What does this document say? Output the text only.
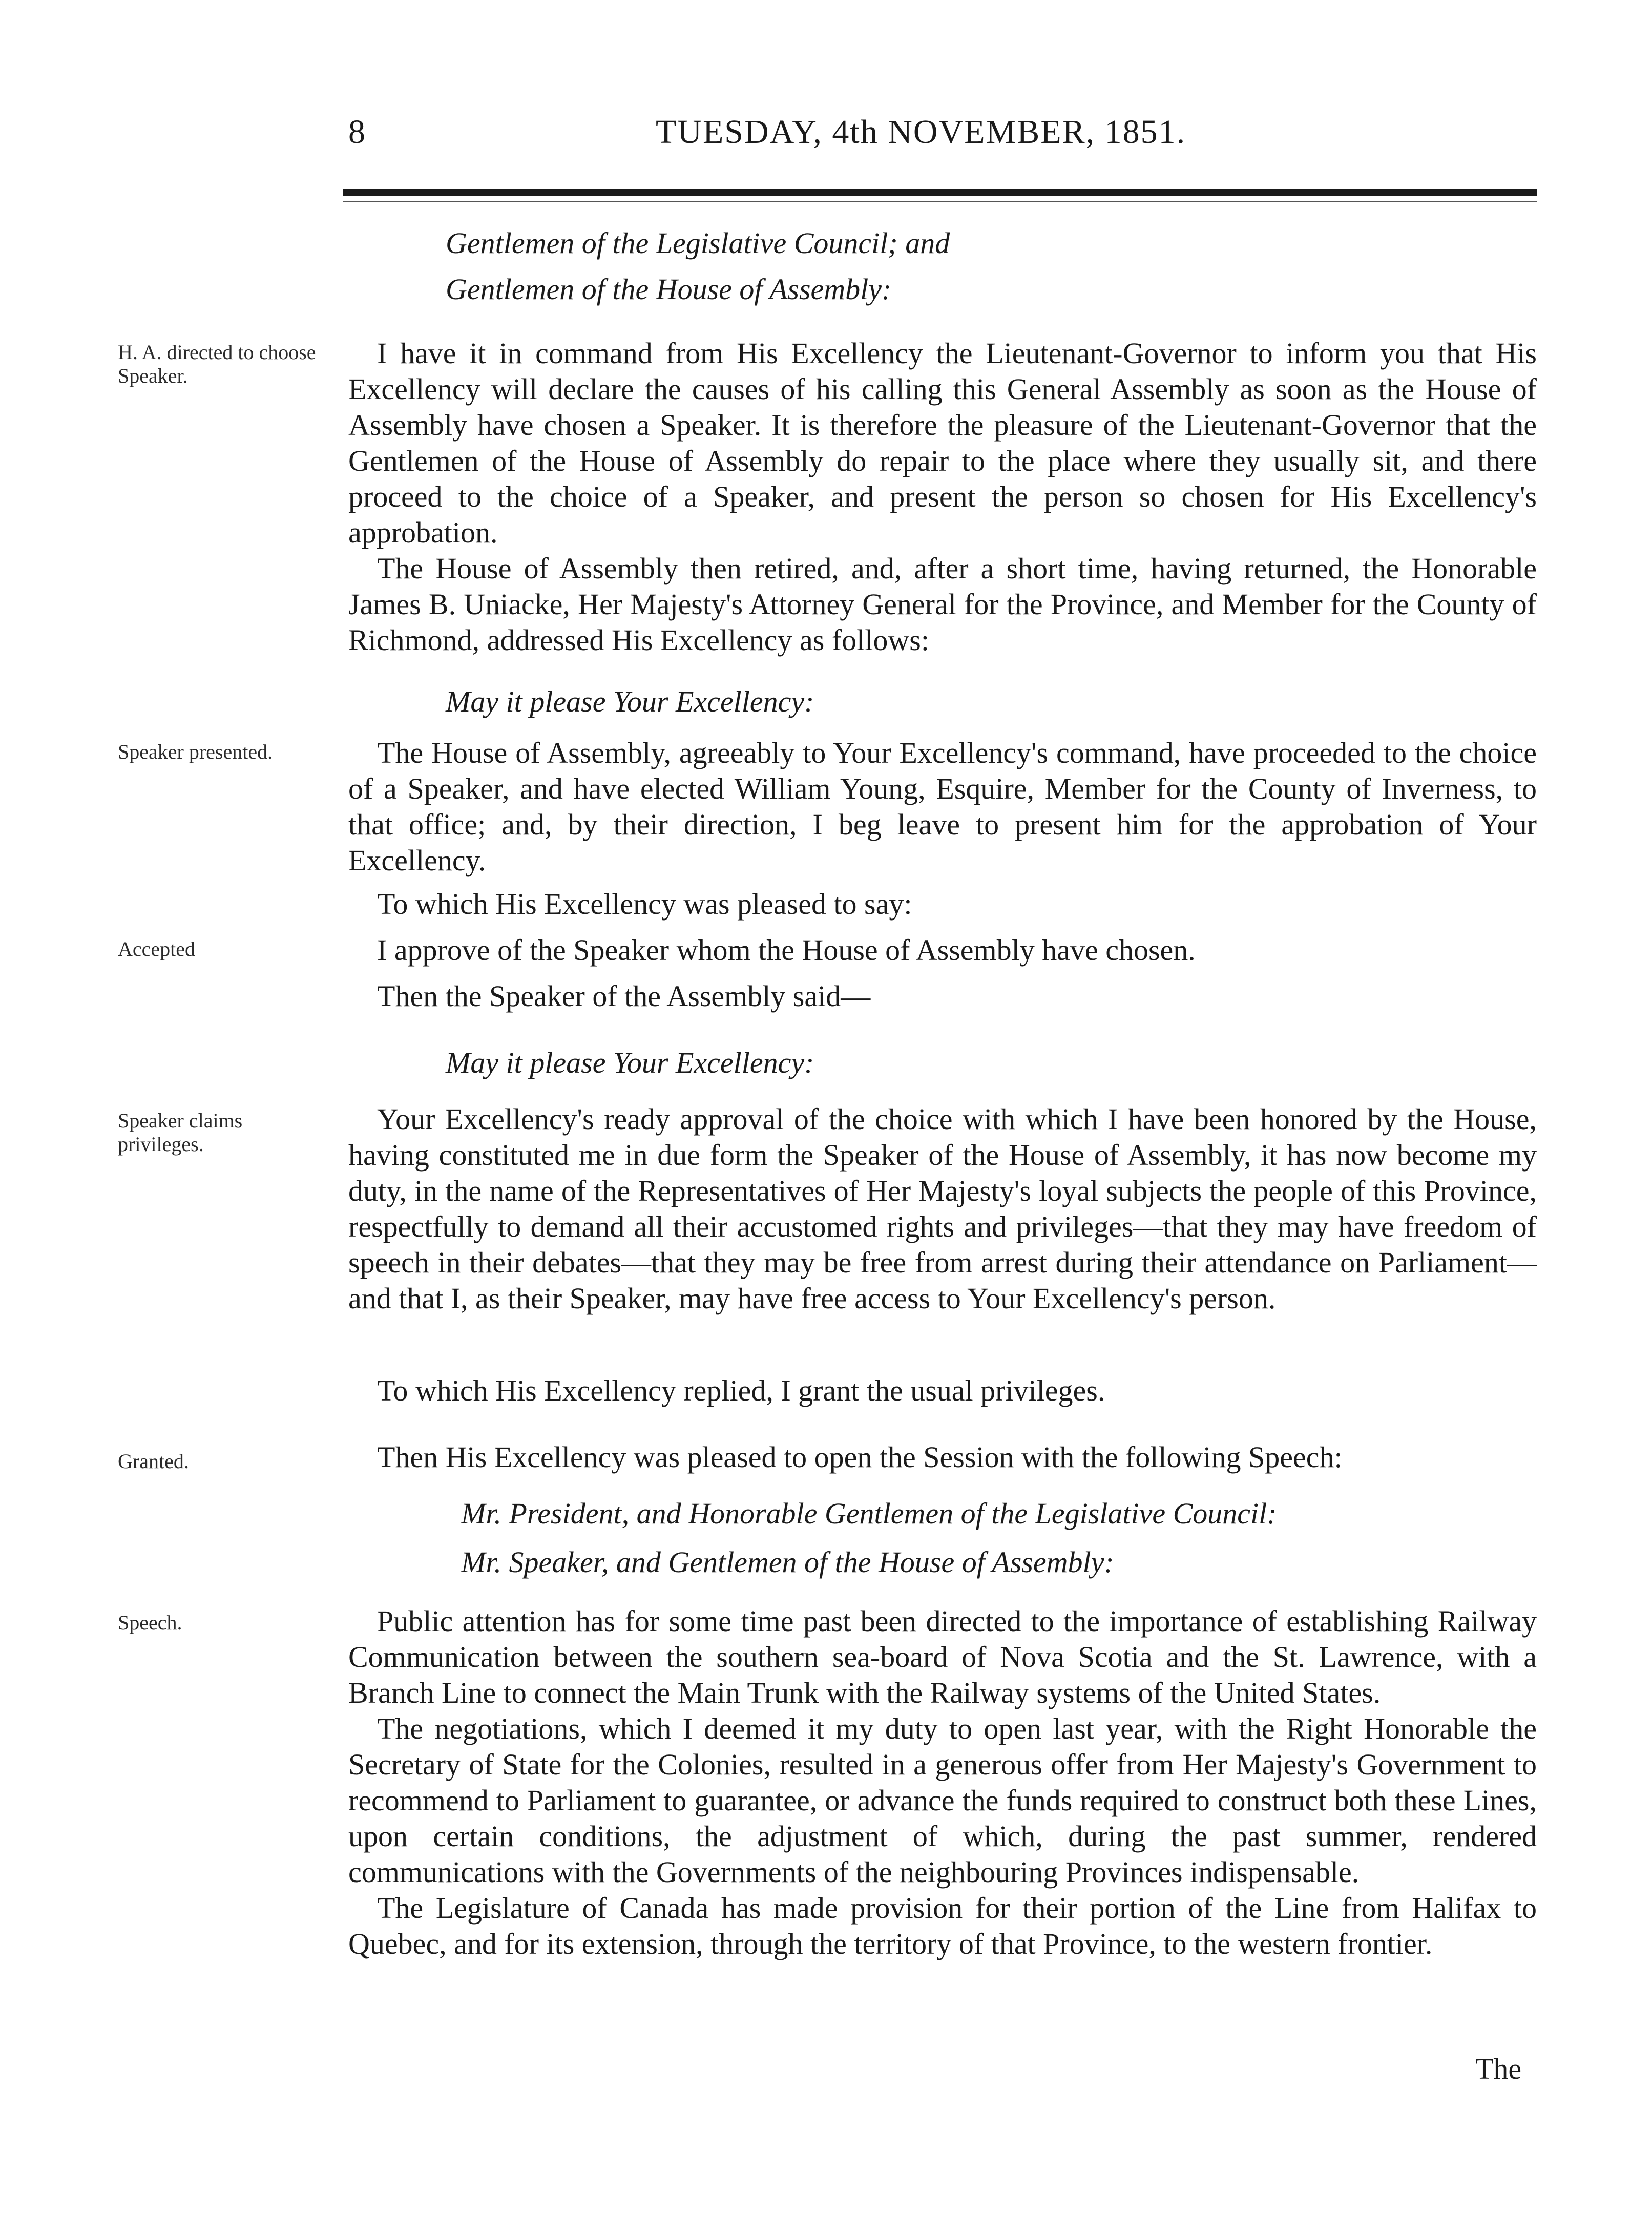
8	TUESDAY, 4th NOVEMBER, 1851.
Gentlemen of the Legislative Council; and
Gentlemen of the House of Assembly:
H. A. directed to choose Speaker.
Speaker presented.
Accepted
Speaker claims privileges.
Granted.
Speech.

I have it in command from His Excellency the Lieutenant-Governor to inform you that His Excellency will declare the causes of his calling this General Assembly as soon as the House of Assembly have chosen a Speaker. It is therefore the pleasure of the Lieutenant-Governor that the Gentlemen of the House of Assembly do repair to the place where they usually sit, and there proceed to the choice of a Speaker, and present the person so chosen for His Excellency's approbation.

The House of Assembly then retired, and, after a short time, having returned, the Honorable James B. Uniacke, Her Majesty's Attorney General for the Province, and Member for the County of Richmond, addressed His Excellency as follows:

May it please Your Excellency:

The House of Assembly, agreeably to Your Excellency's command, have proceeded to the choice of a Speaker, and have elected William Young, Esquire, Member for the County of Inverness, to that office; and, by their direction, I beg leave to present him for the approbation of Your Excellency.

To which His Excellency was pleased to say:

I approve of the Speaker whom the House of Assembly have chosen.

Then the Speaker of the Assembly said—

May it please Your Excellency:

Your Excellency's ready approval of the choice with which I have been honored by the House, having constituted me in due form the Speaker of the House of Assembly, it has now become my duty, in the name of the Representatives of Her Majesty's loyal subjects the people of this Province, respectfully to demand all their accustomed rights and privileges—that they may have freedom of speech in their debates—that they may be free from arrest during their attendance on Parliament—and that I, as their Speaker, may have free access to Your Excellency's person.

To which His Excellency replied, I grant the usual privileges.

Then His Excellency was pleased to open the Session with the following Speech:

Mr. President, and Honorable Gentlemen of the Legislative Council:
Mr. Speaker, and Gentlemen of the House of Assembly:

Public attention has for some time past been directed to the importance of establishing Railway Communication between the southern sea-board of Nova Scotia and the St. Lawrence, with a Branch Line to connect the Main Trunk with the Railway systems of the United States.

The negotiations, which I deemed it my duty to open last year, with the Right Honorable the Secretary of State for the Colonies, resulted in a generous offer from Her Majesty's Government to recommend to Parliament to guarantee, or advance the funds required to construct both these Lines, upon certain conditions, the adjustment of which, during the past summer, rendered communications with the Governments of the neighbouring Provinces indispensable.

The Legislature of Canada has made provision for their portion of the Line from Halifax to Quebec, and for its extension, through the territory of that Province, to the western frontier.

The
